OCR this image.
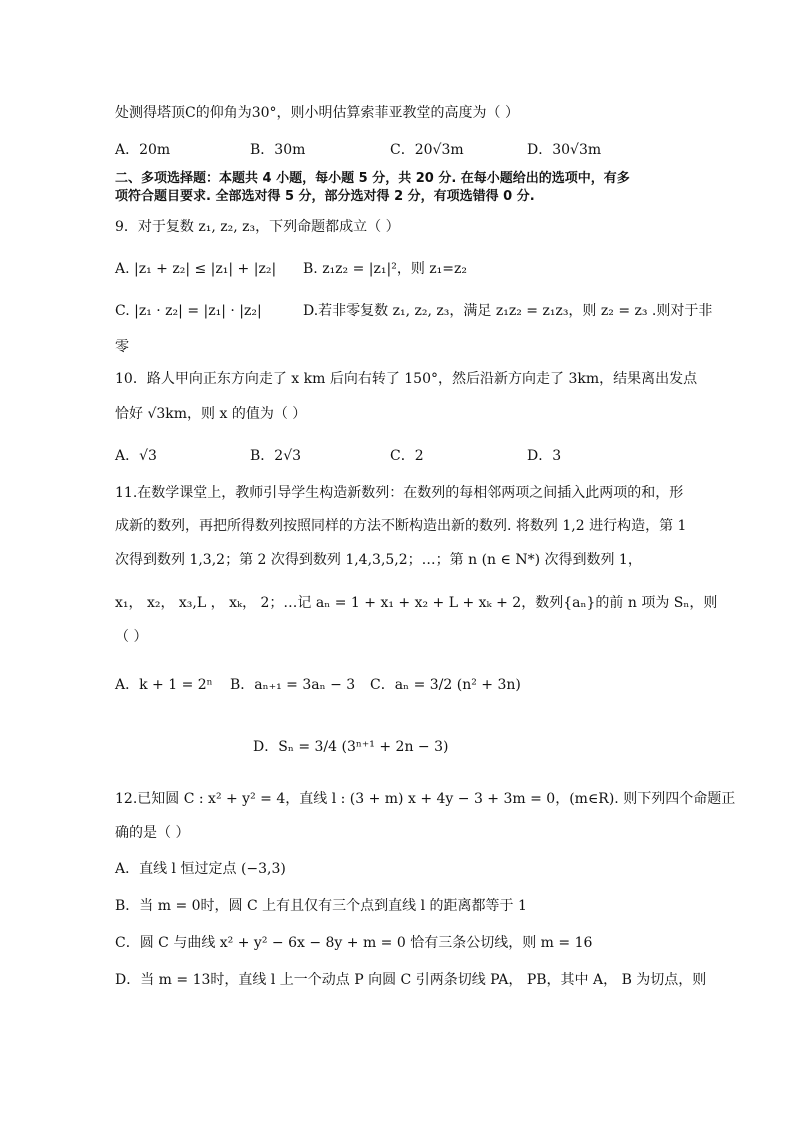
处测得塔顶C的仰角为30°，则小明估算索菲亚教堂的高度为（ ）
A．20m	B．30m	C．20√3m	D．30√3m
二、多项选择题：本题共 4 小题，每小题 5 分，共 20 分. 在每小题给出的选项中，有多
项符合题目要求. 全部选对得 5 分，部分选对得 2 分，有项选错得 0 分.
9．对于复数 z₁, z₂, z₃，下列命题都成立（ ）
A. |z₁ + z₂| ≤ |z₁| + |z₂| B. z₁z₂ = |z₁|²，则 z₁=z₂
C. |z₁ · z₂| = |z₁| · |z₂|	D.若非零复数 z₁, z₂, z₃，满足 z₁z₂ = z₁z₃，则 z₂ = z₃ .则对于非
零
10．路人甲向正东方向走了 x km 后向右转了 150°，然后沿新方向走了 3km，结果离出发点
恰好 √3km，则 x 的值为（ ）
A．√3	B．2√3	C．2	D．3
11.在数学课堂上，教师引导学生构造新数列：在数列的每相邻两项之间插入此两项的和，形
成新的数列，再把所得数列按照同样的方法不断构造出新的数列. 将数列 1,2 进行构造，第 1
次得到数列 1,3,2；第 2 次得到数列 1,4,3,5,2；…；第 n (n ∈ N*) 次得到数列 1，
x₁， x₂， x₃,L ， xₖ， 2；…记 aₙ = 1 + x₁ + x₂ + L + xₖ + 2，数列{aₙ}的前 n 项为 Sₙ，则
（ ）
A．k + 1 = 2ⁿ B．aₙ₊₁ = 3aₙ − 3 C．aₙ = 3/2 (n² + 3n)
D．Sₙ = 3/4 (3ⁿ⁺¹ + 2n − 3)
12.已知圆 C : x² + y² = 4，直线 l : (3 + m) x + 4y − 3 + 3m = 0，(m∈R). 则下列四个命题正
确的是（ ）
A．直线 l 恒过定点 (−3,3)
B．当 m = 0时，圆 C 上有且仅有三个点到直线 l 的距离都等于 1
C．圆 C 与曲线 x² + y² − 6x − 8y + m = 0 恰有三条公切线，则 m = 16
D．当 m = 13时，直线 l 上一个动点 P 向圆 C 引两条切线 PA， PB，其中 A， B 为切点，则
